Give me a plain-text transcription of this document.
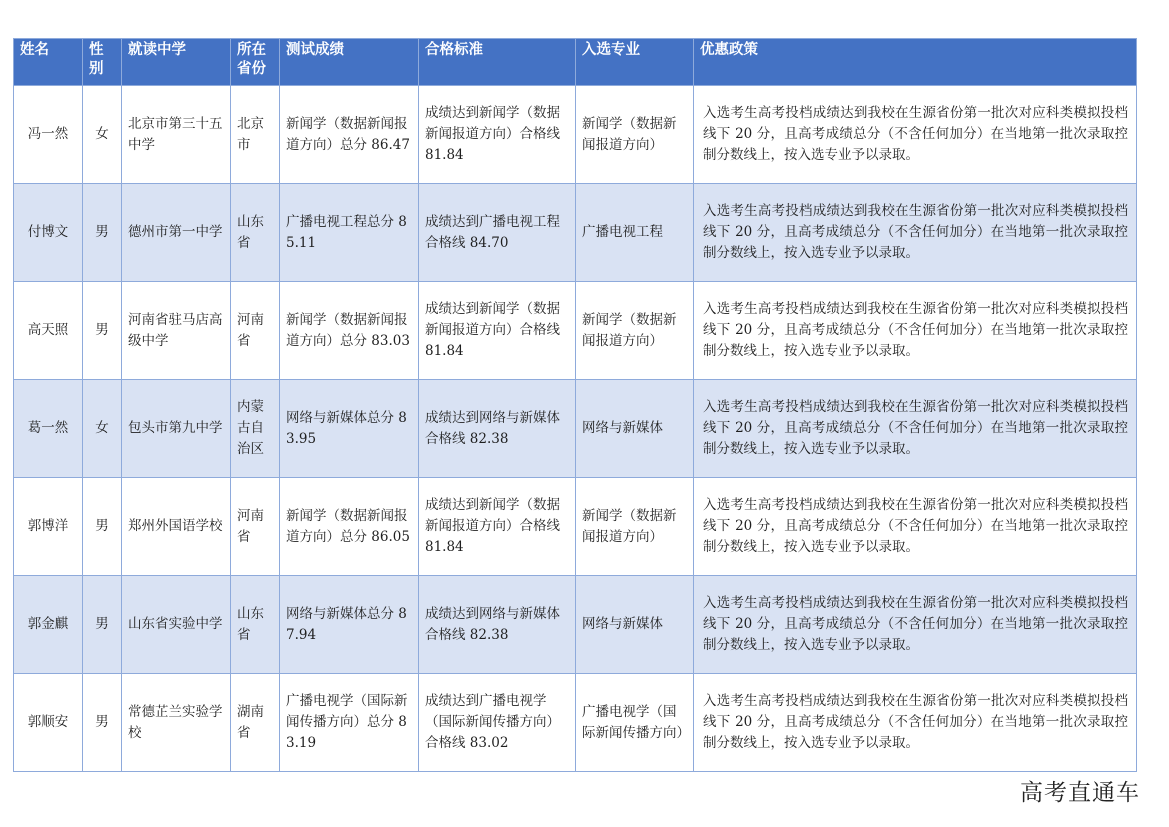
姓名	性别	就读中学	所在省份	测试成绩	合格标准	入选专业	优惠政策
冯一然	女	北京市第三十五中学	北京市	新闻学（数据新闻报道方向）总分 86.47	成绩达到新闻学（数据新闻报道方向）合格线 81.84	新闻学（数据新闻报道方向）	入选考生高考投档成绩达到我校在生源省份第一批次对应科类模拟投档线下 20 分，且高考成绩总分（不含任何加分）在当地第一批次录取控制分数线上，按入选专业予以录取。
付博文	男	德州市第一中学	山东省	广播电视工程总分 85.11	成绩达到广播电视工程合格线 84.70	广播电视工程	入选考生高考投档成绩达到我校在生源省份第一批次对应科类模拟投档线下 20 分，且高考成绩总分（不含任何加分）在当地第一批次录取控制分数线上，按入选专业予以录取。
高天照	男	河南省驻马店高级中学	河南省	新闻学（数据新闻报道方向）总分 83.03	成绩达到新闻学（数据新闻报道方向）合格线 81.84	新闻学（数据新闻报道方向）	入选考生高考投档成绩达到我校在生源省份第一批次对应科类模拟投档线下 20 分，且高考成绩总分（不含任何加分）在当地第一批次录取控制分数线上，按入选专业予以录取。
葛一然	女	包头市第九中学	内蒙古自治区	网络与新媒体总分 83.95	成绩达到网络与新媒体合格线 82.38	网络与新媒体	入选考生高考投档成绩达到我校在生源省份第一批次对应科类模拟投档线下 20 分，且高考成绩总分（不含任何加分）在当地第一批次录取控制分数线上，按入选专业予以录取。
郭博洋	男	郑州外国语学校	河南省	新闻学（数据新闻报道方向）总分 86.05	成绩达到新闻学（数据新闻报道方向）合格线 81.84	新闻学（数据新闻报道方向）	入选考生高考投档成绩达到我校在生源省份第一批次对应科类模拟投档线下 20 分，且高考成绩总分（不含任何加分）在当地第一批次录取控制分数线上，按入选专业予以录取。
郭金麒	男	山东省实验中学	山东省	网络与新媒体总分 87.94	成绩达到网络与新媒体合格线 82.38	网络与新媒体	入选考生高考投档成绩达到我校在生源省份第一批次对应科类模拟投档线下 20 分，且高考成绩总分（不含任何加分）在当地第一批次录取控制分数线上，按入选专业予以录取。
郭顺安	男	常德芷兰实验学校	湖南省	广播电视学（国际新闻传播方向）总分 83.19	成绩达到广播电视学（国际新闻传播方向）合格线 83.02	广播电视学（国际新闻传播方向）	入选考生高考投档成绩达到我校在生源省份第一批次对应科类模拟投档线下 20 分，且高考成绩总分（不含任何加分）在当地第一批次录取控制分数线上，按入选专业予以录取。
高考直通车
